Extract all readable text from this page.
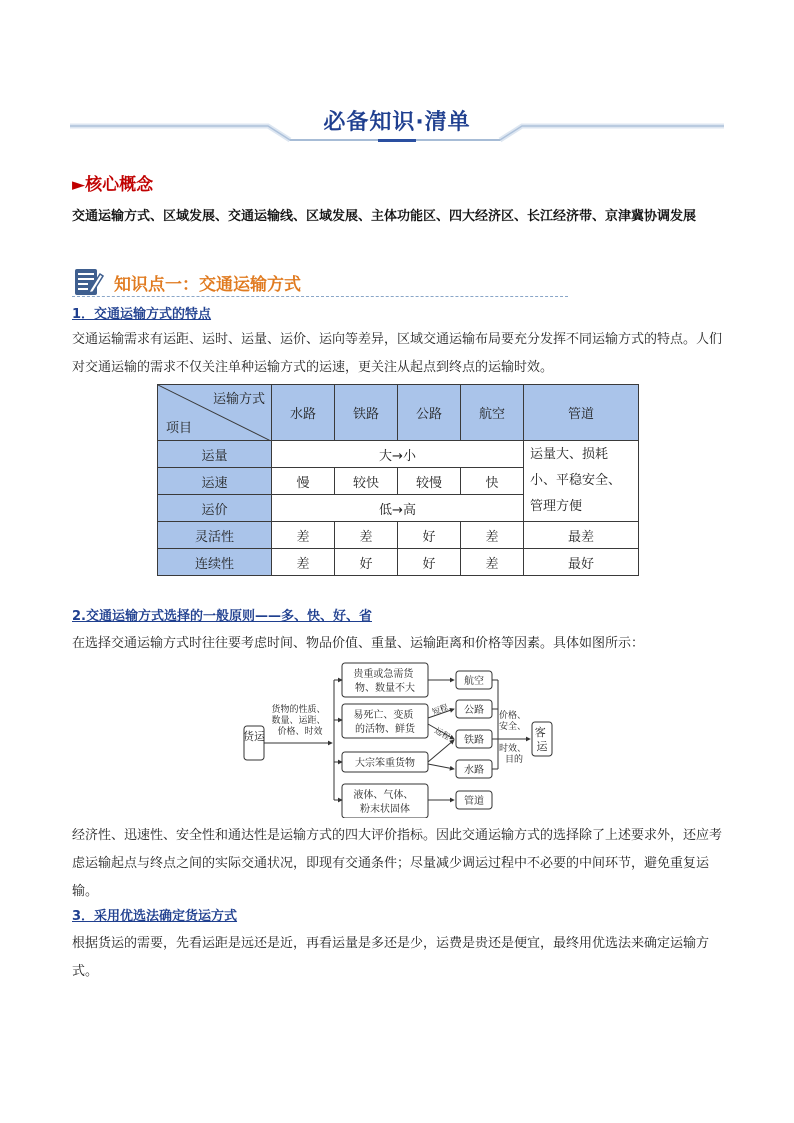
必备知识·清单
►核心概念
交通运输方式、区域发展、交通运输线、区域发展、主体功能区、四大经济区、长江经济带、京津冀协调发展
知识点一：交通运输方式
1．交通运输方式的特点
交通运输需求有运距、运时、运量、运价、运向等差异，区域交通运输布局要充分发挥不同运输方式的特点。人们对交通运输的需求不仅关注单种运输方式的运速，更关注从起点到终点的运输时效。
运输方式
项目	水路	铁路	公路	航空	管道
运量	大→小				运量大、损耗小、平稳安全、管理方便
运速	慢	较快	较慢	快	
运价	低→高				
灵活性	差	差	好	差	最差
连续性	差	好	好	差	最好
2.交通运输方式选择的一般原则——多、快、好、省
在选择交通运输方式时往往要考虑时间、物品价值、重量、运输距离和价格等因素。具体如图所示：
货运
货物的性质、 数量、运距、 价格、时效
贵重或急需货 物、数量不大
易死亡、变质 的活物、鲜货
大宗笨重货物
液体、气体、 粉末状固体
短程
远程
航空
公路
铁路
水路
管道
价格、 安全、 时效、 目的
客 运
经济性、迅速性、安全性和通达性是运输方式的四大评价指标。因此交通运输方式的选择除了上述要求外，还应考虑运输起点与终点之间的实际交通状况，即现有交通条件；尽量减少调运过程中不必要的中间环节，避免重复运输。
3．采用优选法确定货运方式
根据货运的需要，先看运距是远还是近，再看运量是多还是少，运费是贵还是便宜，最终用优选法来确定运输方式。
